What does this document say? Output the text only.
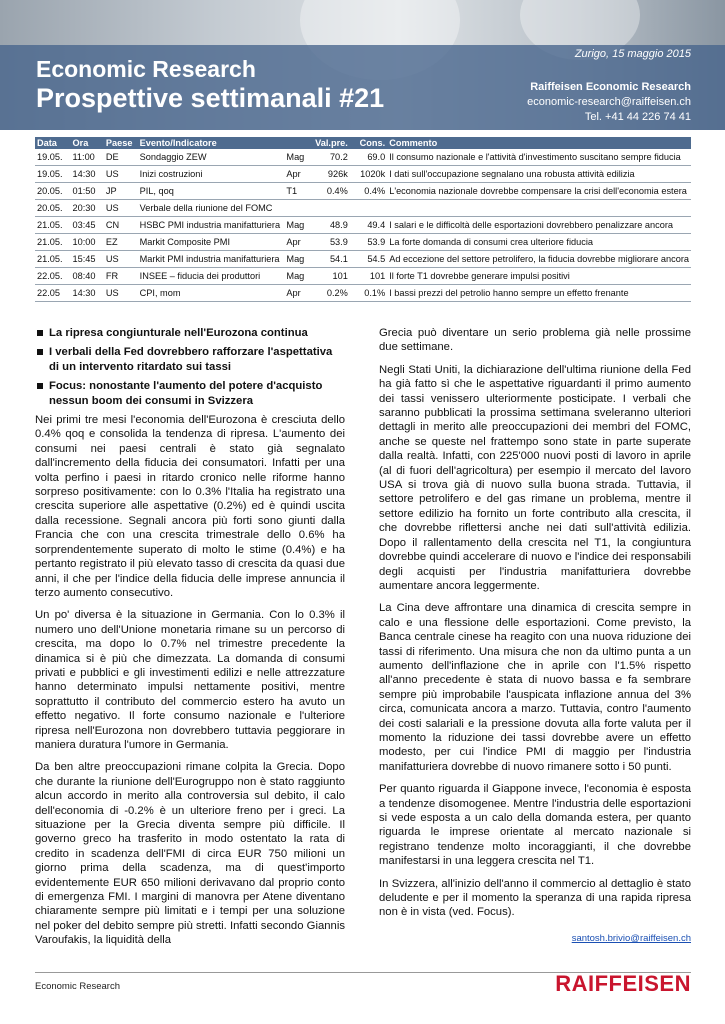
Economic Research
Prospettive settimanali #21
Zurigo, 15 maggio 2015
Raiffeisen Economic Research
economic-research@raiffeisen.ch
Tel. +41 44 226 74 41
Data	Ora	Paese	Evento/Indicatore		Val.pre.	Cons.	Commento
19.05.	11:00	DE	Sondaggio ZEW	Mag	70.2	69.0	Il consumo nazionale e l'attività d'investimento suscitano sempre fiducia
19.05.	14:30	US	Inizi costruzioni	Apr	926k	1020k	I dati sull'occupazione segnalano una robusta attività edilizia
20.05.	01:50	JP	PIL, qoq	T1	0.4%	0.4%	L'economia nazionale dovrebbe compensare la crisi dell'economia estera
20.05.	20:30	US	Verbale della riunione del FOMC				
21.05.	03:45	CN	HSBC PMI industria manifatturiera	Mag	48.9	49.4	I salari e le difficoltà delle esportazioni dovrebbero penalizzare ancora
21.05.	10:00	EZ	Markit Composite PMI	Apr	53.9	53.9	La forte domanda di consumi crea ulteriore fiducia
21.05.	15:45	US	Markit PMI industria manifatturiera	Mag	54.1	54.5	Ad eccezione del settore petrolifero, la fiducia dovrebbe migliorare ancora
22.05.	08:40	FR	INSEE – fiducia dei produttori	Mag	101	101	Il forte T1 dovrebbe generare impulsi positivi
22.05	14:30	US	CPI, mom	Apr	0.2%	0.1%	I bassi prezzi del petrolio hanno sempre un effetto frenante
La ripresa congiunturale nell'Eurozona continua
I verbali della Fed dovrebbero rafforzare l'aspettativa di un intervento ritardato sui tassi
Focus: nonostante l'aumento del potere d'acquisto nessun boom dei consumi in Svizzera

Nei primi tre mesi l'economia dell'Eurozona è cresciuta dello 0.4% qoq e consolida la tendenza di ripresa. L'aumento dei consumi nei paesi centrali è stato già segnalato dall'incremento della fiducia dei consumatori. Infatti per una volta perfino i paesi in ritardo cronico nelle riforme hanno sorpreso positivamente: con lo 0.3% l'Italia ha registrato una crescita superiore alle aspettative (0.2%) ed è quindi uscita dalla recessione. Segnali ancora più forti sono giunti dalla Francia che con una crescita trimestrale dello 0.6% ha sorprendentemente superato di molto le stime (0.4%) e ha pertanto registrato il più elevato tasso di crescita da quasi due anni, il che per l'indice della fiducia delle imprese annuncia il terzo aumento consecutivo.

Un po' diversa è la situazione in Germania. Con lo 0.3% il numero uno dell'Unione monetaria rimane su un percorso di crescita, ma dopo lo 0.7% nel trimestre precedente la dinamica si è più che dimezzata. La domanda di consumi privati e pubblici e gli investimenti edilizi e nelle attrezzature hanno determinato impulsi nettamente positivi, mentre soprattutto il contributo del commercio estero ha avuto un effetto negativo. Il forte consumo nazionale e l'ulteriore ripresa nell'Eurozona non dovrebbero tuttavia peggiorare in maniera duratura l'umore in Germania.

Da ben altre preoccupazioni rimane colpita la Grecia. Dopo che durante la riunione dell'Eurogruppo non è stato raggiunto alcun accordo in merito alla controversia sul debito, il calo dell'economia di -0.2% è un ulteriore freno per i greci. La situazione per la Grecia diventa sempre più difficile. Il governo greco ha trasferito in modo ostentato la rata di credito in scadenza dell'FMI di circa EUR 750 milioni un giorno prima della scadenza, ma di quest'importo evidentemente EUR 650 milioni derivavano dal proprio conto di emergenza FMI. I margini di manovra per Atene diventano chiaramente sempre più limitati e i tempi per una soluzione nel poker del debito sempre più stretti. Infatti secondo Giannis Varoufakis, la liquidità della

Grecia può diventare un serio problema già nelle prossime due settimane.

Negli Stati Uniti, la dichiarazione dell'ultima riunione della Fed ha già fatto sì che le aspettative riguardanti il primo aumento dei tassi venissero ulteriormente posticipate. I verbali che saranno pubblicati la prossima settimana sveleranno ulteriori dettagli in merito alle preoccupazioni dei membri del FOMC, anche se queste nel frattempo sono state in parte superate dalla realtà. Infatti, con 225'000 nuovi posti di lavoro in aprile (al di fuori dell'agricoltura) per esempio il mercato del lavoro USA si trova già di nuovo sulla buona strada. Tuttavia, il settore petrolifero e del gas rimane un problema, mentre il settore edilizio ha fornito un forte contributo alla crescita, il che dovrebbe riflettersi anche nei dati sull'attività edilizia. Dopo il rallentamento della crescita nel T1, la congiuntura dovrebbe quindi accelerare di nuovo e l'indice dei responsabili degli acquisti per l'industria manifatturiera dovrebbe aumentare ancora leggermente.

La Cina deve affrontare una dinamica di crescita sempre in calo e una flessione delle esportazioni. Come previsto, la Banca centrale cinese ha reagito con una nuova riduzione dei tassi di riferimento. Una misura che non da ultimo punta a un aumento dell'inflazione che in aprile con l'1.5% rispetto all'anno precedente è stata di nuovo bassa e fa sembrare sempre più improbabile l'auspicata inflazione annua del 3% circa, comunicata ancora a marzo. Tuttavia, contro l'aumento dei costi salariali e la pressione dovuta alla forte valuta per il momento la riduzione dei tassi dovrebbe avere un effetto modesto, per cui l'indice PMI di maggio per l'industria manifatturiera dovrebbe di nuovo rimanere sotto i 50 punti.

Per quanto riguarda il Giappone invece, l'economia è esposta a tendenze disomogenee. Mentre l'industria delle esportazioni si vede esposta a un calo della domanda estera, per quanto riguarda le imprese orientate al mercato nazionale si registrano tendenze molto incoraggianti, il che dovrebbe manifestarsi in una leggera crescita nel T1.

In Svizzera, all'inizio dell'anno il commercio al dettaglio è stato deludente e per il momento la speranza di una rapida ripresa non è in vista (ved. Focus).

santosh.brivio@raiffeisen.ch
Economic Research	RAIFFEISEN
